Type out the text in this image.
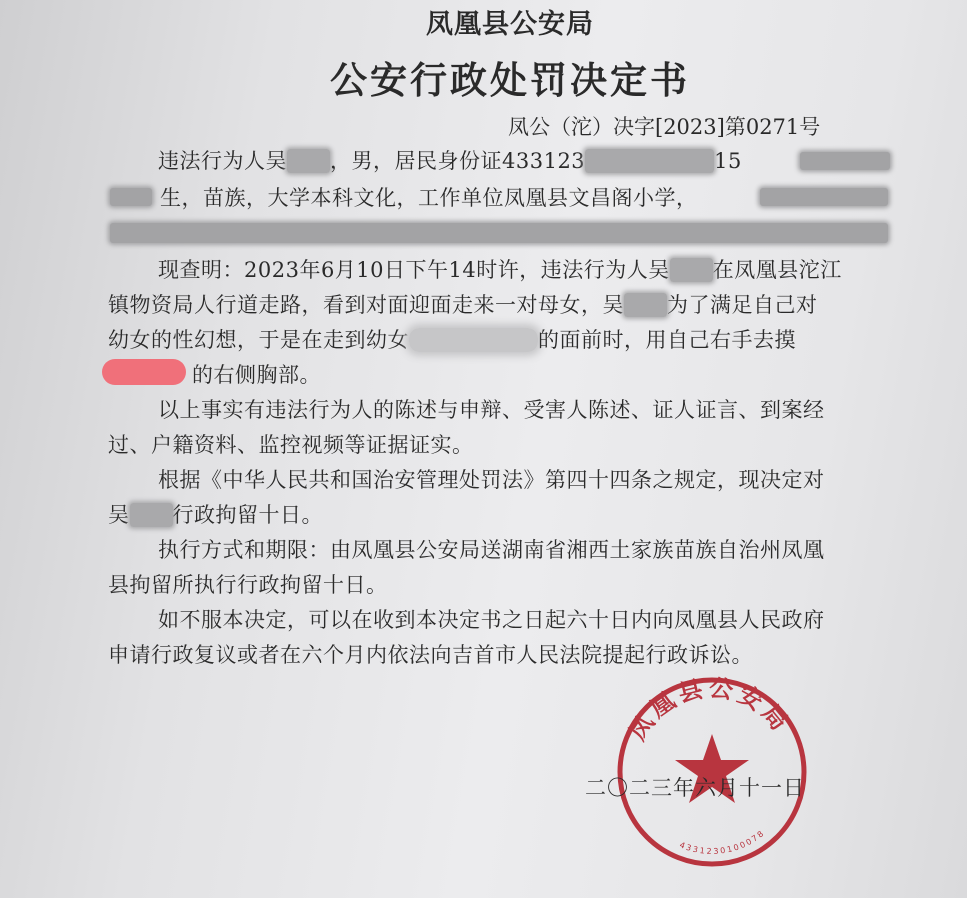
凤凰县公安局
公安行政处罚决定书
凤公（沱）决字[2023]第0271号
违法行为人吴　　 ，男，居民身份证433123　　　　　　	15
生，苗族，大学本科文化，工作单位凤凰县文昌阁小学，
现查明：2023年6月10日下午14时许，违法行为人吴　　 在凤凰县沱江
镇物资局人行道走路，看到对面迎面走来一对母女，吴　　 为了满足自己对
幼女的性幻想，于是在走到幼女　　　　　　	的面前时，用自己右手去摸
的右侧胸部。
以上事实有违法行为人的陈述与申辩、受害人陈述、证人证言、到案经
过、户籍资料、监控视频等证据证实。
根据《中华人民共和国治安管理处罚法》第四十四条之规定，现决定对
吴　　 行政拘留十日。
执行方式和期限：由凤凰县公安局送湖南省湘西土家族苗族自治州凤凰
县拘留所执行行政拘留十日。
如不服本决定，可以在收到本决定书之日起六十日内向凤凰县人民政府
申请行政复议或者在六个月内依法向吉首市人民法院提起行政诉讼。
凤凰县公安局
4331230100078
二〇二三年六月十一日
